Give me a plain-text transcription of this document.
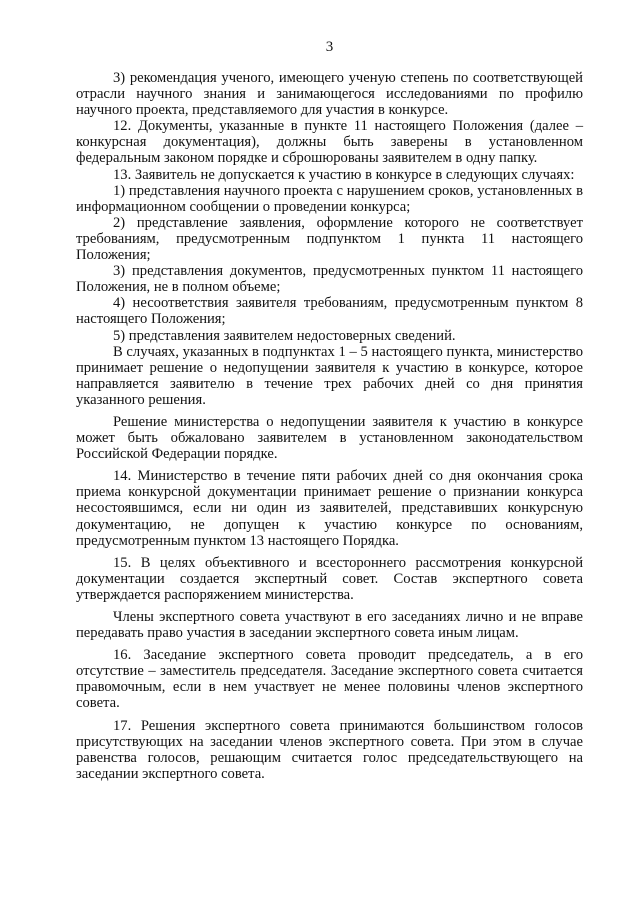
3

3) рекомендация ученого, имеющего ученую степень по соответствующей отрасли научного знания и занимающегося исследованиями по профилю научного проекта, представляемого для участия в конкурсе.

12. Документы, указанные в пункте 11 настоящего Положения (далее – конкурсная документация), должны быть заверены в установленном федеральным законом порядке и сброшюрованы заявителем в одну папку.

13. Заявитель не допускается к участию в конкурсе в следующих случаях:

1) представления научного проекта с нарушением сроков, установленных в информационном сообщении о проведении конкурса;

2) представление заявления, оформление которого не соответствует требованиям, предусмотренным подпунктом 1 пункта 11 настоящего Положения;

3) представления документов, предусмотренных пунктом 11 настоящего Положения, не в полном объеме;

4) несоответствия заявителя требованиям, предусмотренным пунктом 8 настоящего Положения;

5) представления заявителем недостоверных сведений.

В случаях, указанных в подпунктах 1 – 5 настоящего пункта, министерство принимает решение о недопущении заявителя к участию в конкурсе, которое направляется заявителю в течение трех рабочих дней со дня принятия указанного решения.

Решение министерства о недопущении заявителя к участию в конкурсе может быть обжаловано заявителем в установленном законодательством Российской Федерации порядке.

14. Министерство в течение пяти рабочих дней со дня окончания срока приема конкурсной документации принимает решение о признании конкурса несостоявшимся, если ни один из заявителей, представивших конкурсную документацию, не допущен к участию конкурсе по основаниям, предусмотренным пунктом 13 настоящего Порядка.

15. В целях объективного и всестороннего рассмотрения конкурсной документации создается экспертный совет. Состав экспертного совета утверждается распоряжением министерства.

Члены экспертного совета участвуют в его заседаниях лично и не вправе передавать право участия в заседании экспертного совета иным лицам.

16. Заседание экспертного совета проводит председатель, а в его отсутствие – заместитель председателя. Заседание экспертного совета считается правомочным, если в нем участвует не менее половины членов экспертного совета.

17. Решения экспертного совета принимаются большинством голосов присутствующих на заседании членов экспертного совета. При этом в случае равенства голосов, решающим считается голос председательствующего на заседании экспертного совета.
